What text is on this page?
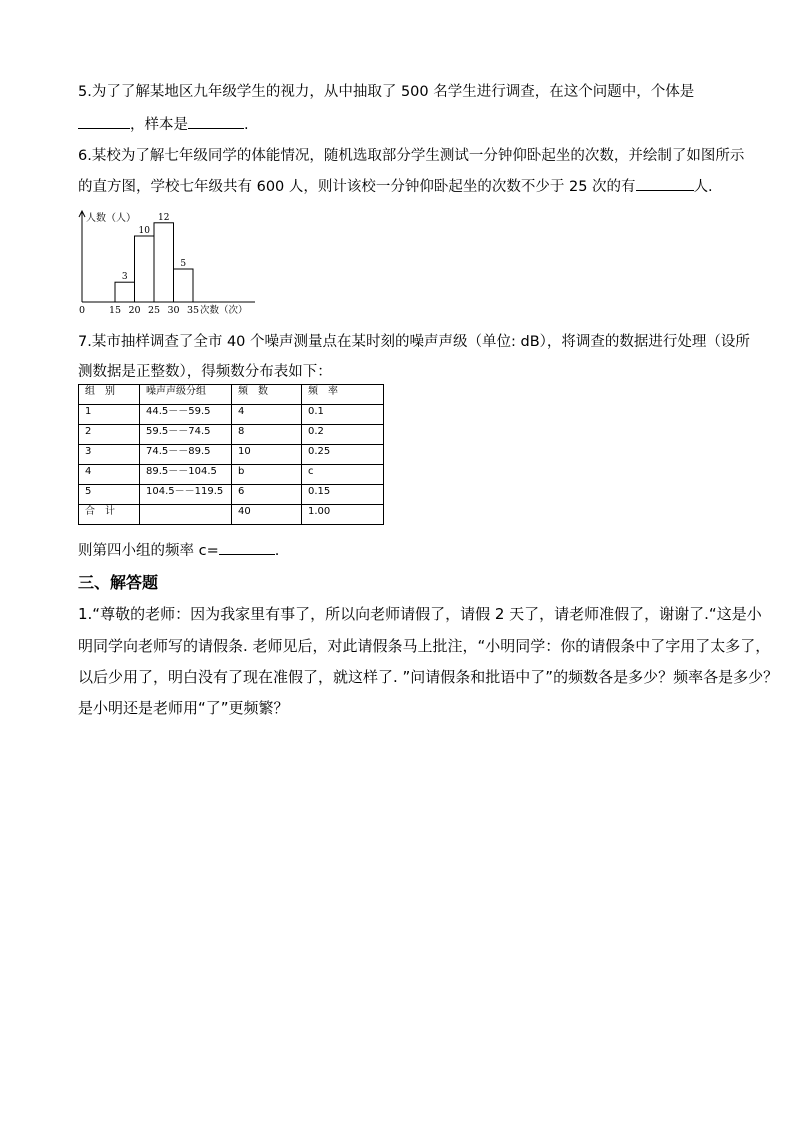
5.为了了解某地区九年级学生的视力，从中抽取了 500 名学生进行调查，在这个问题中，个体是
，样本是	.
6.某校为了解七年级同学的体能情况，随机选取部分学生测试一分钟仰卧起坐的次数，并绘制了如图所示
的直方图，学校七年级共有 600 人，则计该校一分钟仰卧起坐的次数不少于 25 次的有	人.
人数（人）
3
10
12
5
0	15 20 25 30 35 次数（次）
7.某市抽样调查了全市 40 个噪声测量点在某时刻的噪声声级（单位: dB），将调查的数据进行处理（设所
测数据是正整数），得频数分布表如下：
组　别	噪声声级分组	频　数	频　率
1	44.5－－59.5	4	0.1
2	59.5－－74.5	8	0.2
3	74.5－－89.5	10	0.25
4	89.5－－104.5	b	c
5	104.5－－119.5	6	0.15
合　计		40	1.00
则第四小组的频率 c=	.
三、解答题
1.“尊敬的老师：因为我家里有事了，所以向老师请假了，请假 2 天了，请老师准假了，谢谢了.“这是小
明同学向老师写的请假条. 老师见后，对此请假条马上批注，“小明同学：你的请假条中了字用了太多了，
以后少用了，明白没有了现在准假了，就这样了. ”问请假条和批语中了”的频数各是多少？频率各是多少？
是小明还是老师用“了”更频繁？
